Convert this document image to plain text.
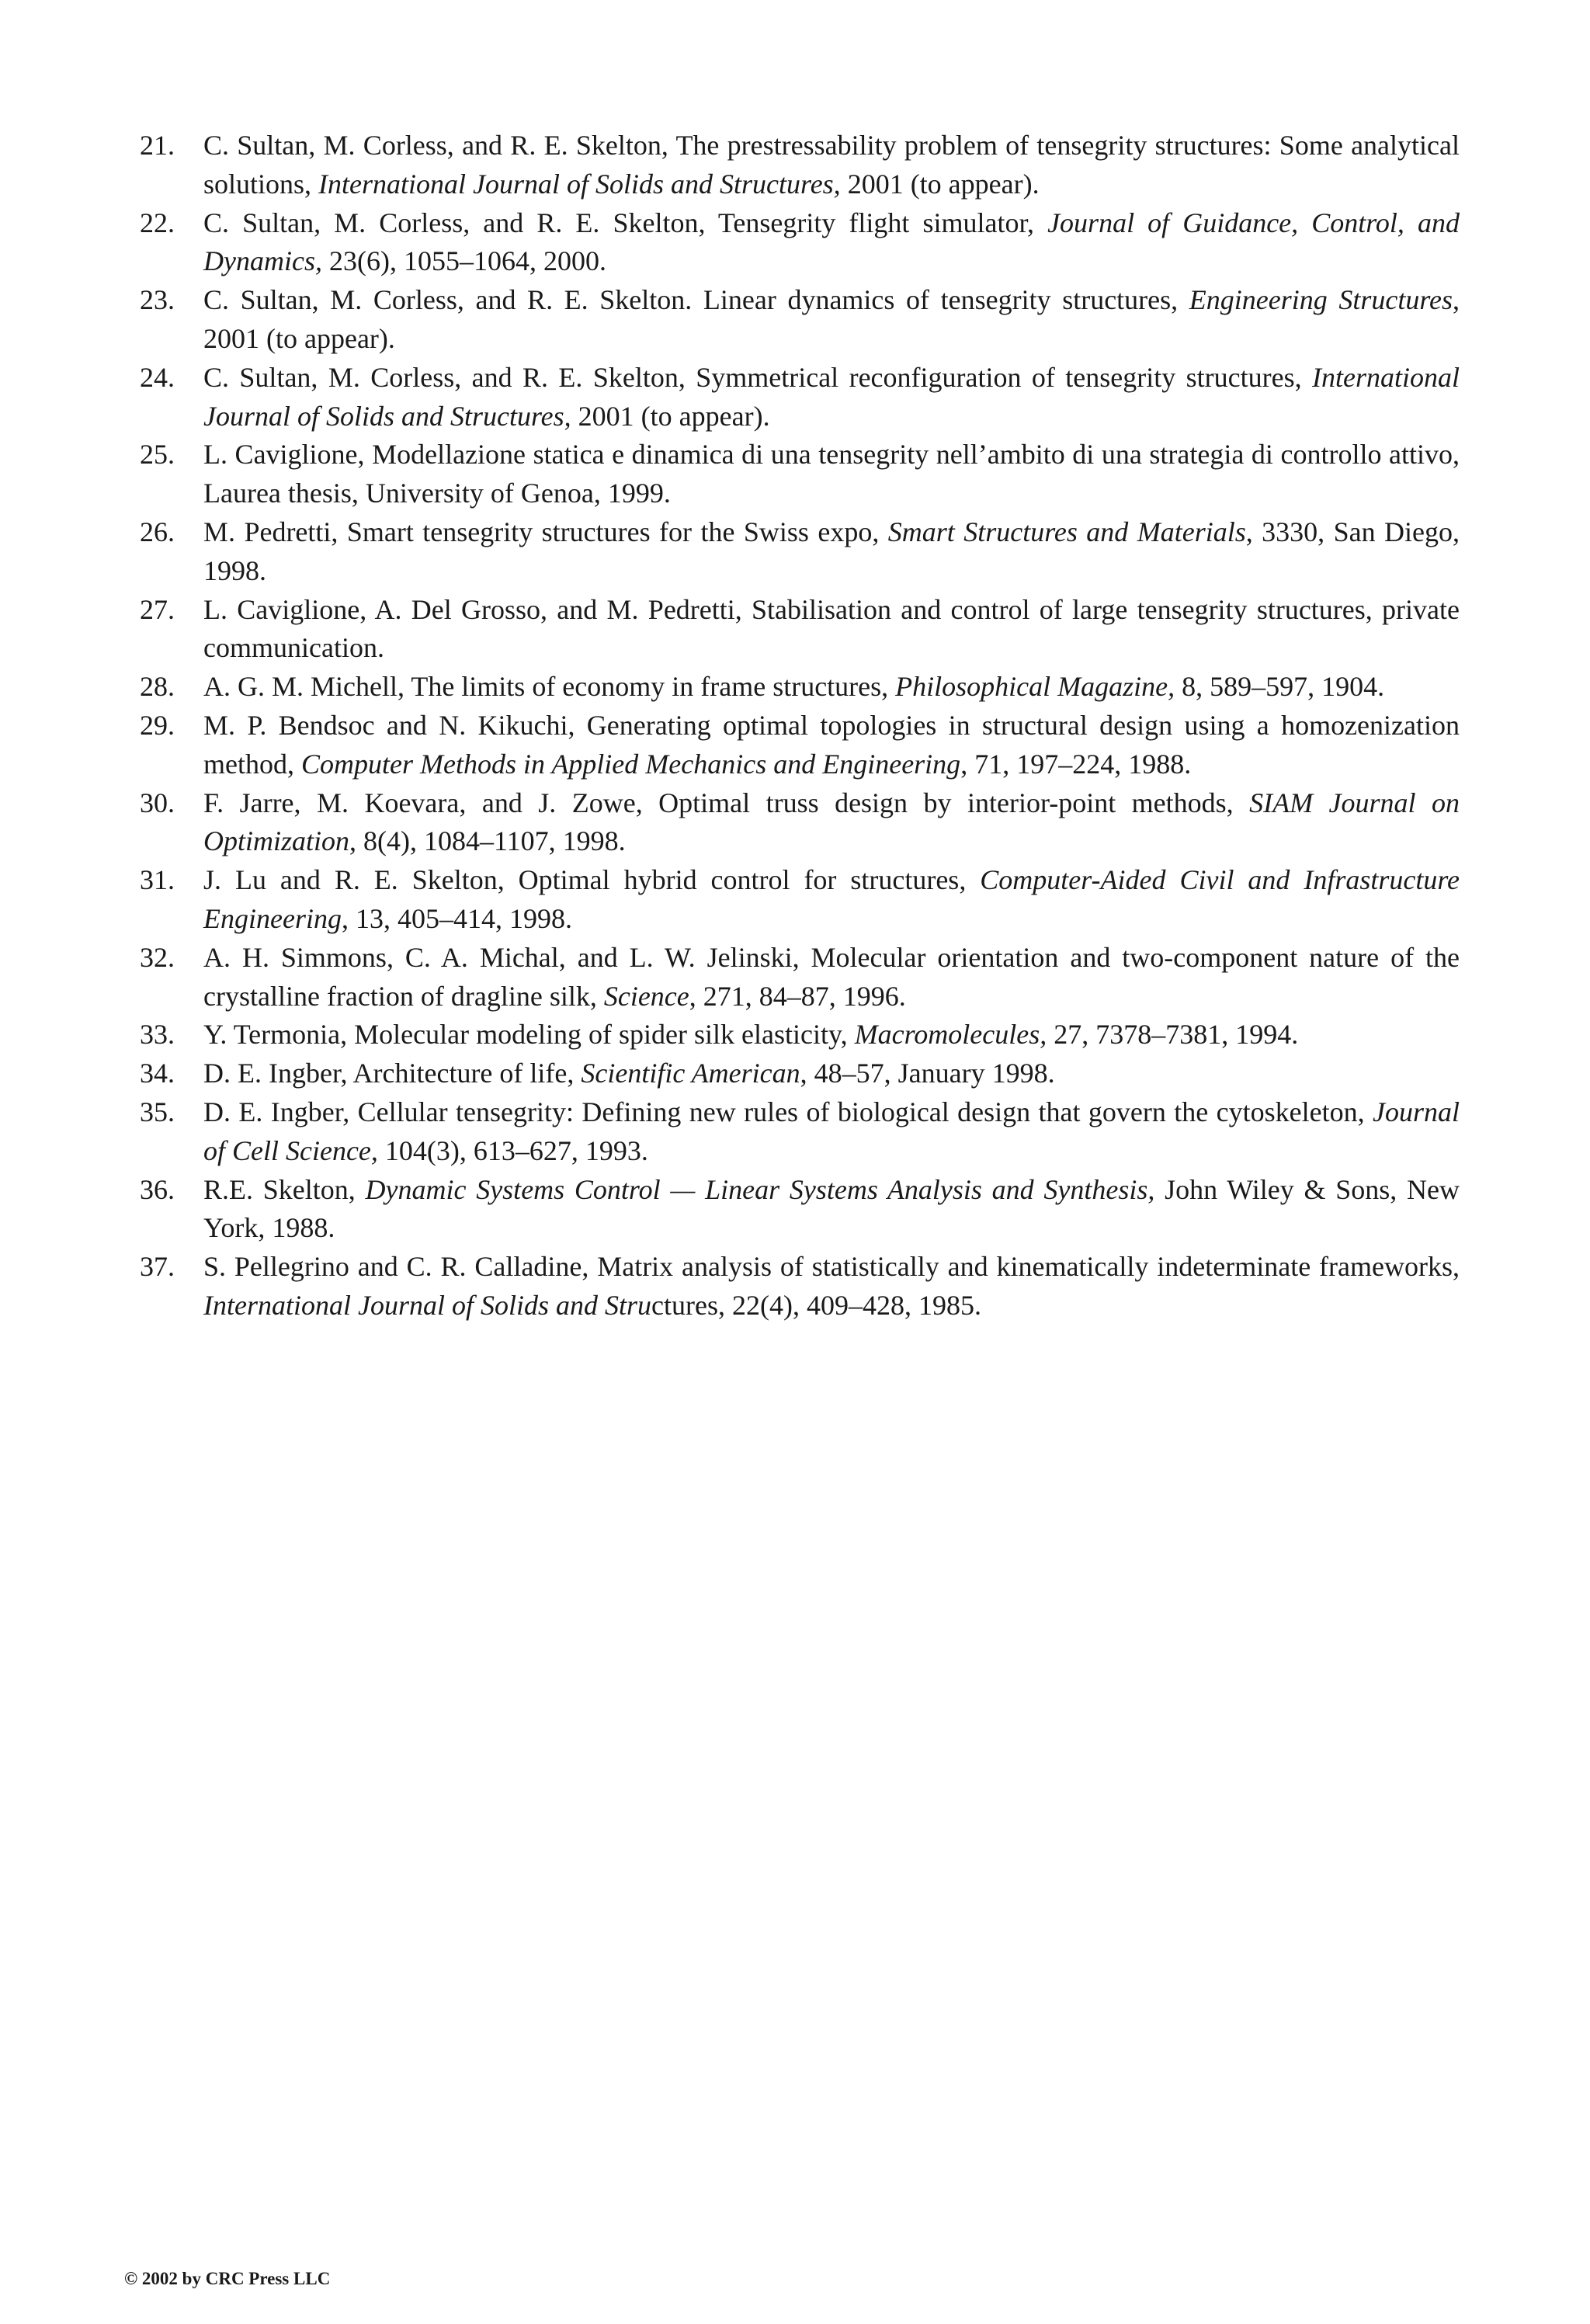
21. C. Sultan, M. Corless, and R. E. Skelton, The prestressability problem of tensegrity structures: Some analytical solutions, International Journal of Solids and Structures, 2001 (to appear).
22. C. Sultan, M. Corless, and R. E. Skelton, Tensegrity flight simulator, Journal of Guidance, Control, and Dynamics, 23(6), 1055–1064, 2000.
23. C. Sultan, M. Corless, and R. E. Skelton. Linear dynamics of tensegrity structures, Engineering Structures, 2001 (to appear).
24. C. Sultan, M. Corless, and R. E. Skelton, Symmetrical reconfiguration of tensegrity structures, International Journal of Solids and Structures, 2001 (to appear).
25. L. Caviglione, Modellazione statica e dinamica di una tensegrity nell’ambito di una strategia di controllo attivo, Laurea thesis, University of Genoa, 1999.
26. M. Pedretti, Smart tensegrity structures for the Swiss expo, Smart Structures and Materials, 3330, San Diego, 1998.
27. L. Caviglione, A. Del Grosso, and M. Pedretti, Stabilisation and control of large tensegrity structures, private communication.
28. A. G. M. Michell, The limits of economy in frame structures, Philosophical Magazine, 8, 589–597, 1904.
29. M. P. Bendsoc and N. Kikuchi, Generating optimal topologies in structural design using a homozenization method, Computer Methods in Applied Mechanics and Engineering, 71, 197–224, 1988.
30. F. Jarre, M. Koevara, and J. Zowe, Optimal truss design by interior-point methods, SIAM Journal on Optimization, 8(4), 1084–1107, 1998.
31. J. Lu and R. E. Skelton, Optimal hybrid control for structures, Computer-Aided Civil and Infrastructure Engineering, 13, 405–414, 1998.
32. A. H. Simmons, C. A. Michal, and L. W. Jelinski, Molecular orientation and two-component nature of the crystalline fraction of dragline silk, Science, 271, 84–87, 1996.
33. Y. Termonia, Molecular modeling of spider silk elasticity, Macromolecules, 27, 7378–7381, 1994.
34. D. E. Ingber, Architecture of life, Scientific American, 48–57, January 1998.
35. D. E. Ingber, Cellular tensegrity: Defining new rules of biological design that govern the cytoskeleton, Journal of Cell Science, 104(3), 613–627, 1993.
36. R.E. Skelton, Dynamic Systems Control — Linear Systems Analysis and Synthesis, John Wiley & Sons, New York, 1988.
37. S. Pellegrino and C. R. Calladine, Matrix analysis of statistically and kinematically indeterminate frameworks, International Journal of Solids and Structures, 22(4), 409–428, 1985.
© 2002 by CRC Press LLC
